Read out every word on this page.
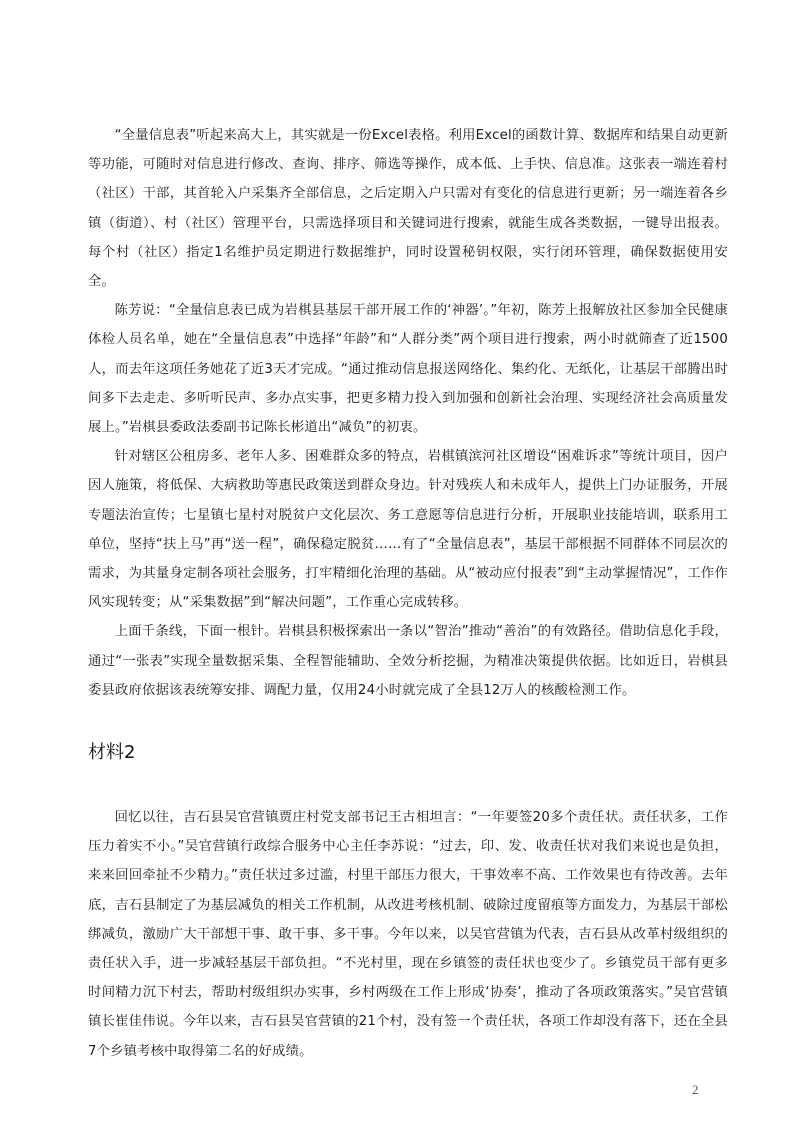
“全量信息表”听起来高大上，其实就是一份Excel表格。利用Excel的函数计算、数据库和结果自动更新等功能，可随时对信息进行修改、查询、排序、筛选等操作，成本低、上手快、信息准。这张表一端连着村（社区）干部，其首轮入户采集齐全部信息，之后定期入户只需对有变化的信息进行更新；另一端连着各乡镇（街道）、村（社区）管理平台，只需选择项目和关键词进行搜索，就能生成各类数据，一键导出报表。每个村（社区）指定1名维护员定期进行数据维护，同时设置秘钥权限，实行闭环管理，确保数据使用安全。

陈芳说：“全量信息表已成为岩棋县基层干部开展工作的‘神器’。”年初，陈芳上报解放社区参加全民健康体检人员名单，她在“全量信息表”中选择“年龄”和“人群分类”两个项目进行搜索，两小时就筛查了近1500人，而去年这项任务她花了近3天才完成。“通过推动信息报送网络化、集约化、无纸化，让基层干部腾出时间多下去走走、多听听民声、多办点实事，把更多精力投入到加强和创新社会治理、实现经济社会高质量发展上。”岩棋县委政法委副书记陈长彬道出“减负”的初衷。

针对辖区公租房多、老年人多、困难群众多的特点，岩棋镇滨河社区增设“困难诉求”等统计项目，因户因人施策，将低保、大病救助等惠民政策送到群众身边。针对残疾人和未成年人，提供上门办证服务，开展专题法治宣传；七星镇七星村对脱贫户文化层次、务工意愿等信息进行分析，开展职业技能培训，联系用工单位，坚持“扶上马”再“送一程”，确保稳定脱贫……有了“全量信息表”，基层干部根据不同群体不同层次的需求，为其量身定制各项社会服务，打牢精细化治理的基础。从“被动应付报表”到“主动掌握情况”，工作作风实现转变；从“采集数据”到“解决问题”，工作重心完成转移。

上面千条线，下面一根针。岩棋县积极探索出一条以“智治”推动“善治”的有效路径。借助信息化手段，通过“一张表”实现全量数据采集、全程智能辅助、全效分析挖掘，为精准决策提供依据。比如近日，岩棋县委县政府依据该表统筹安排、调配力量，仅用24小时就完成了全县12万人的核酸检测工作。

材料2

回忆以往，吉石县吴官营镇贾庄村党支部书记王古相坦言：“一年要签20多个责任状。责任状多，工作压力着实不小。”吴官营镇行政综合服务中心主任李苏说：“过去，印、发、收责任状对我们来说也是负担，来来回回牵扯不少精力。”责任状过多过滥，村里干部压力很大，干事效率不高、工作效果也有待改善。去年底，吉石县制定了为基层减负的相关工作机制，从改进考核机制、破除过度留痕等方面发力，为基层干部松绑减负，激励广大干部想干事、敢干事、多干事。今年以来，以吴官营镇为代表，吉石县从改革村级组织的责任状入手，进一步减轻基层干部负担。“不光村里，现在乡镇签的责任状也变少了。乡镇党员干部有更多时间精力沉下村去，帮助村级组织办实事，乡村两级在工作上形成‘协奏’，推动了各项政策落实。”吴官营镇镇长崔佳伟说。今年以来，吉石县吴官营镇的21个村，没有签一个责任状，各项工作却没有落下，还在全县7个乡镇考核中取得第二名的好成绩。

2
